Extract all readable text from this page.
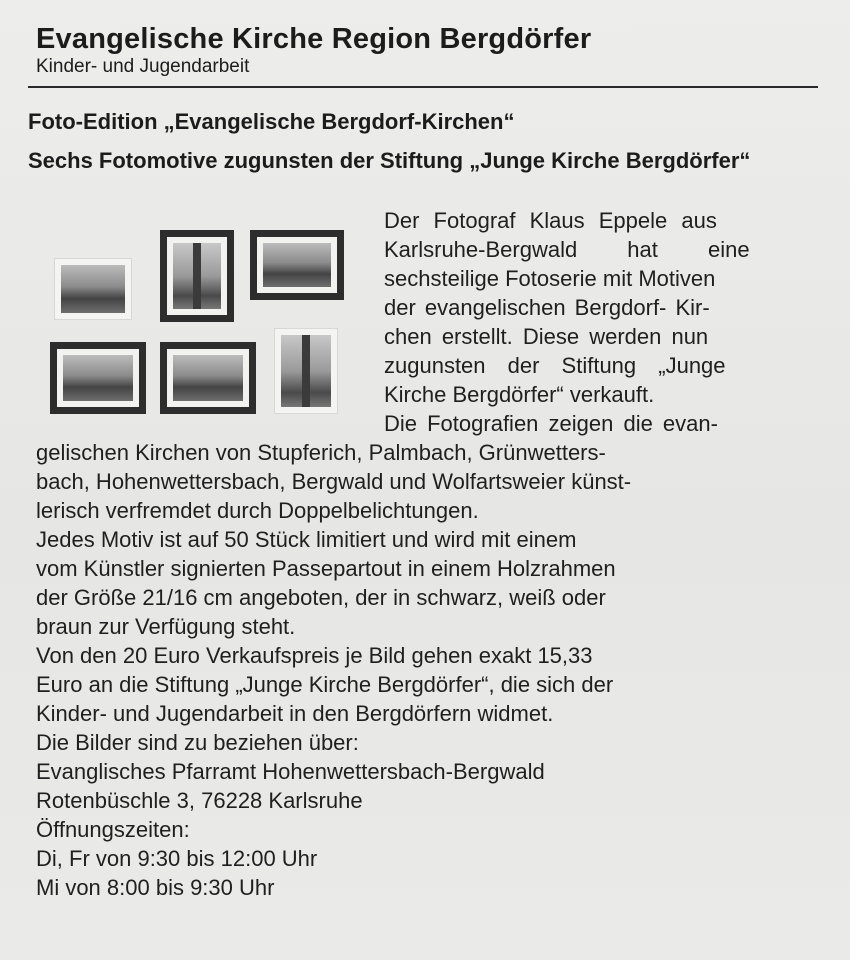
Evangelische Kirche Region Bergdörfer
Kinder- und Jugendarbeit
Foto-Edition „Evangelische Bergdorf-Kirchen“
Sechs Fotomotive zugunsten der Stiftung „Junge Kirche Bergdörfer“
Der Fotograf Klaus Eppele aus
Karlsruhe-Bergwald hat eine
sechsteilige Fotoserie mit Motiven
der evangelischen Bergdorf- Kir-
chen erstellt. Diese werden nun
zugunsten der Stiftung „Junge
Kirche Bergdörfer“ verkauft.
Die Fotografien zeigen die evan-
gelischen Kirchen von Stupferich, Palmbach, Grünwetters-
bach, Hohenwettersbach, Bergwald und Wolfartsweier künst-
lerisch verfremdet durch Doppelbelichtungen.
Jedes Motiv ist auf 50 Stück limitiert und wird mit einem
vom Künstler signierten Passepartout in einem Holzrahmen
der Größe 21/16 cm angeboten, der in schwarz, weiß oder
braun zur Verfügung steht.
Von den 20 Euro Verkaufspreis je Bild gehen exakt 15,33
Euro an die Stiftung „Junge Kirche Bergdörfer“, die sich der
Kinder- und Jugendarbeit in den Bergdörfern widmet.
Die Bilder sind zu beziehen über:
Evanglisches Pfarramt Hohenwettersbach-Bergwald
Rotenbüschle 3, 76228 Karlsruhe
Öffnungszeiten:
Di, Fr von 9:30 bis 12:00 Uhr
Mi von 8:00 bis 9:30 Uhr
